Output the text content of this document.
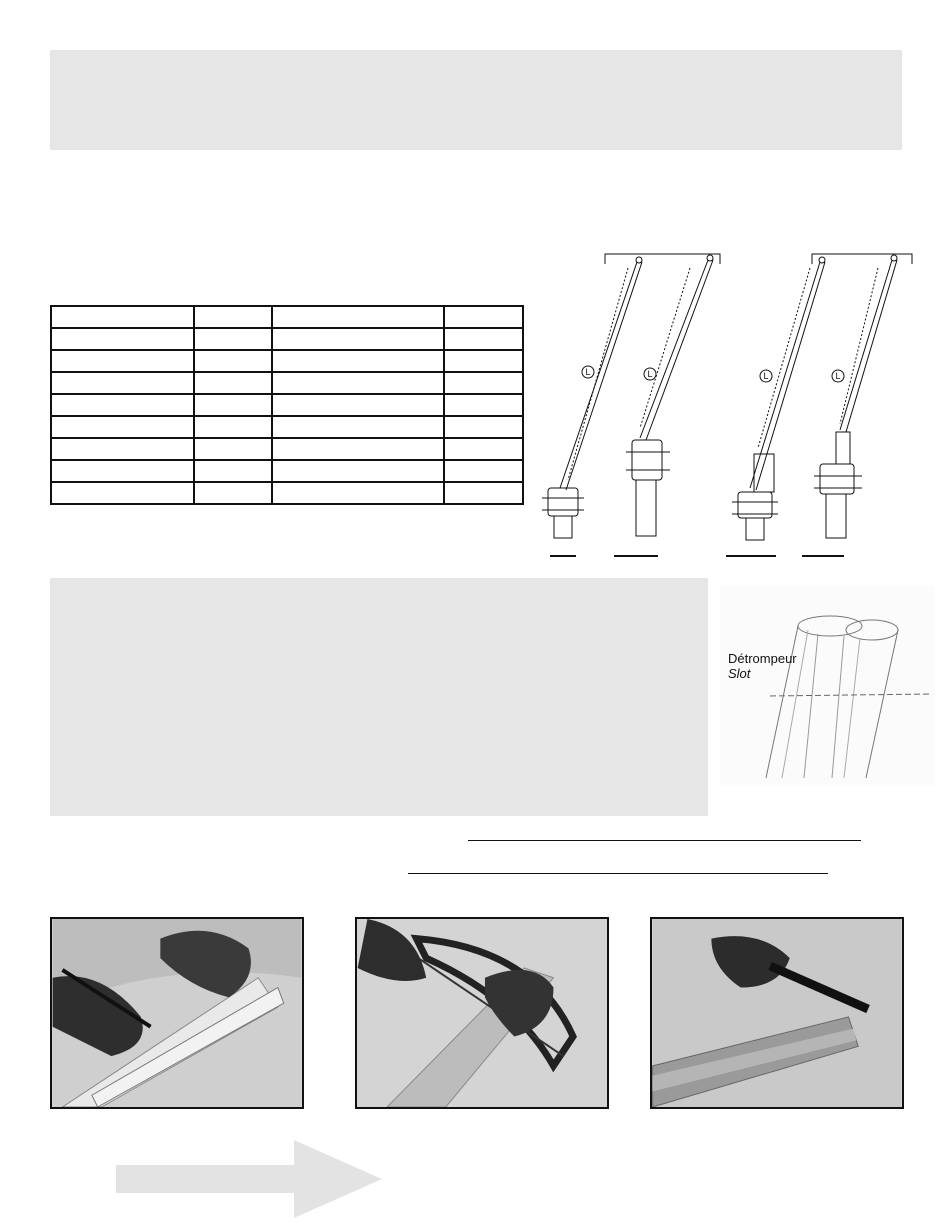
L	L	L	L
Détrompeur
Slot
